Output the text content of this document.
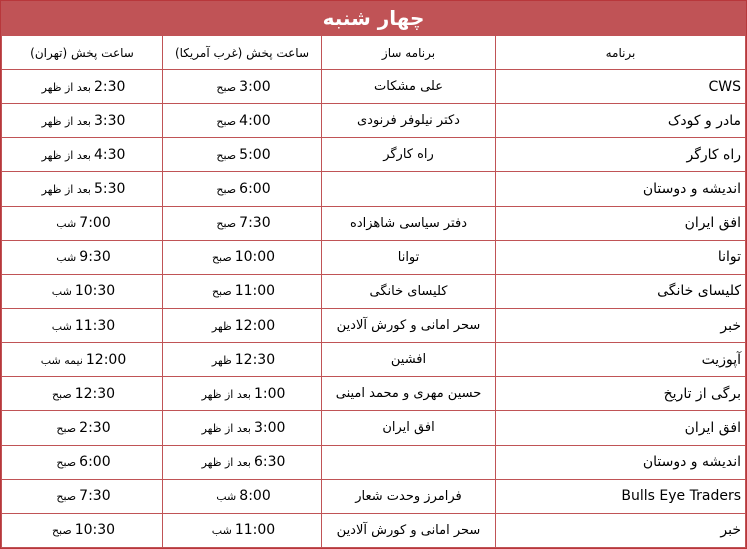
چهار شنبه
ساعت پخش (تهران)	ساعت پخش (غرب آمریکا)	برنامه ساز	برنامه
2:30بعد از ظهر	3:00صبح	علی مشکات	CWS
3:30بعد از ظهر	4:00صبح	دکتر نیلوفر فرنودی	مادر و کودک
4:30بعد از ظهر	5:00صبح	راه کارگر	راه کارگر
5:30بعد از ظهر	6:00صبح		اندیشه و دوستان
7:00شب	7:30صبح	دفتر سیاسی شاهزاده	افق ایران
9:30شب	10:00صبح	توانا	توانا
10:30شب	11:00صبح	کلیسای خانگی	کلیسای خانگی
11:30شب	12:00ظهر	سحر امانی و کورش آلادین	خبر
12:00نیمه شب	12:30ظهر	افشین	آپوزیت
12:30صبح	1:00بعد از ظهر	حسین مهری و محمد امینی	برگی از تاریخ
2:30صبح	3:00بعد از ظهر	افق ایران	افق ایران
6:00صبح	6:30بعد از ظهر		اندیشه و دوستان
7:30صبح	8:00شب	فرامرز وحدت شعار	Bulls Eye Traders
10:30صبح	11:00شب	سحر امانی و کورش آلادین	خبر
